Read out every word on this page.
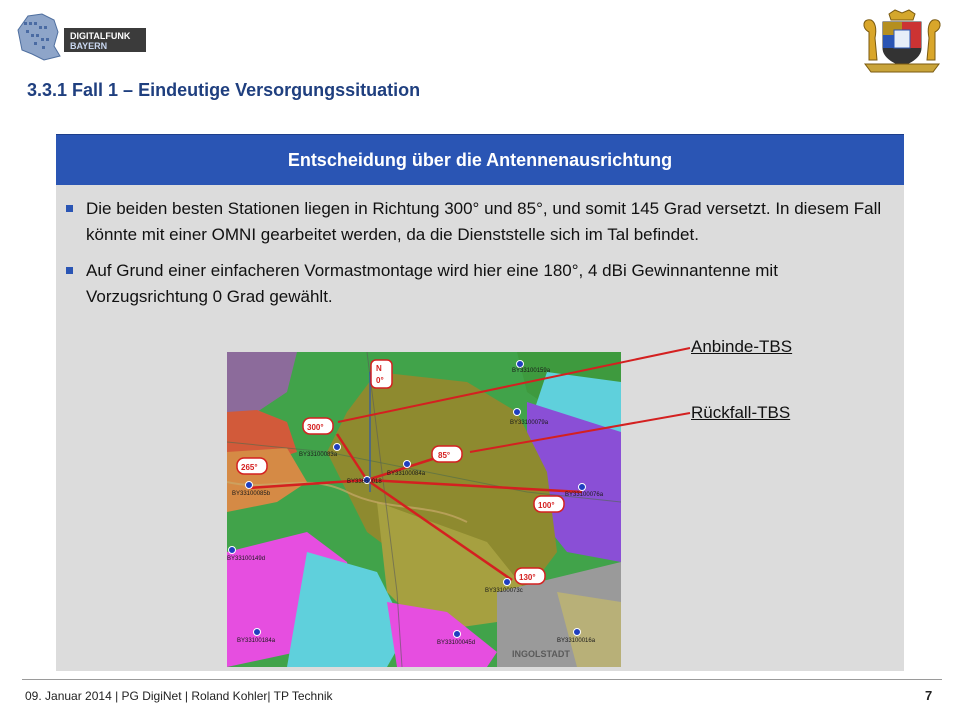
DIGITALFUNK
BAYERN
3.3.1 Fall 1 – Eindeutige Versorgungssituation
Entscheidung über die Antennenausrichtung
Die beiden besten Stationen liegen in Richtung 300° und 85°, und somit 145 Grad versetzt. In diesem Fall könnte mit einer OMNI gearbeitet werden, da die Dienststelle sich im Tal befindet.
Auf Grund einer einfacheren Vormastmontage wird hier eine 180°, 4 dBi Gewinnantenne mit Vorzugsrichtung 0 Grad gewählt.
BY33100159a
BY33100079a
BY33100083a
BY33100084a
BY33660018
BY33100085b	BY33100076a
BY33100149d
BY33100073c
BY33100184a	BY33100045d	BY33100016a
INGOLSTADT
N
0°
300°
85°
265°
100°
130°
Anbinde-TBS
Rückfall-TBS
09. Januar 2014 | PG DigiNet | Roland Kohler| TP Technik	7
